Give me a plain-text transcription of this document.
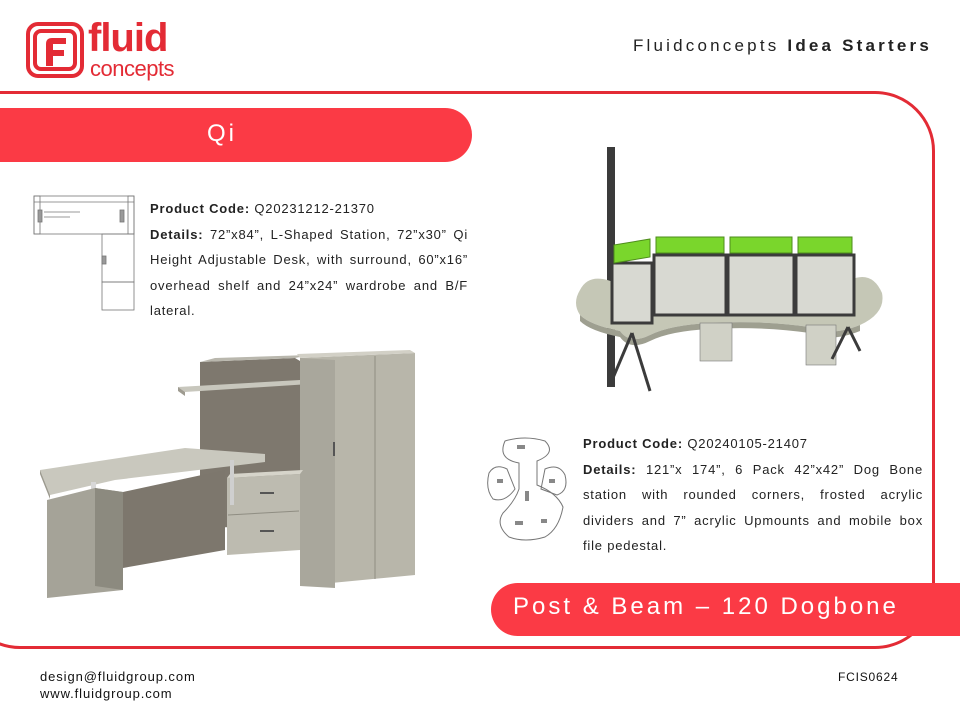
fluid
concepts
Fluidconcepts Idea Starters
Qi
Product Code: Q20231212-21370
Details: 72”x84”, L-Shaped Station, 72”x30” Qi Height Adjustable Desk, with surround, 60”x16” overhead shelf and 24”x24” wardrobe and B/F lateral.
Product Code: Q20240105-21407
Details: 121”x 174”, 6 Pack 42”x42” Dog Bone station with rounded corners, frosted acrylic dividers and 7” acrylic Upmounts and mobile box file pedestal.
Post & Beam – 120 Dogbone
design@fluidgroup.com
www.fluidgroup.com
FCIS0624
